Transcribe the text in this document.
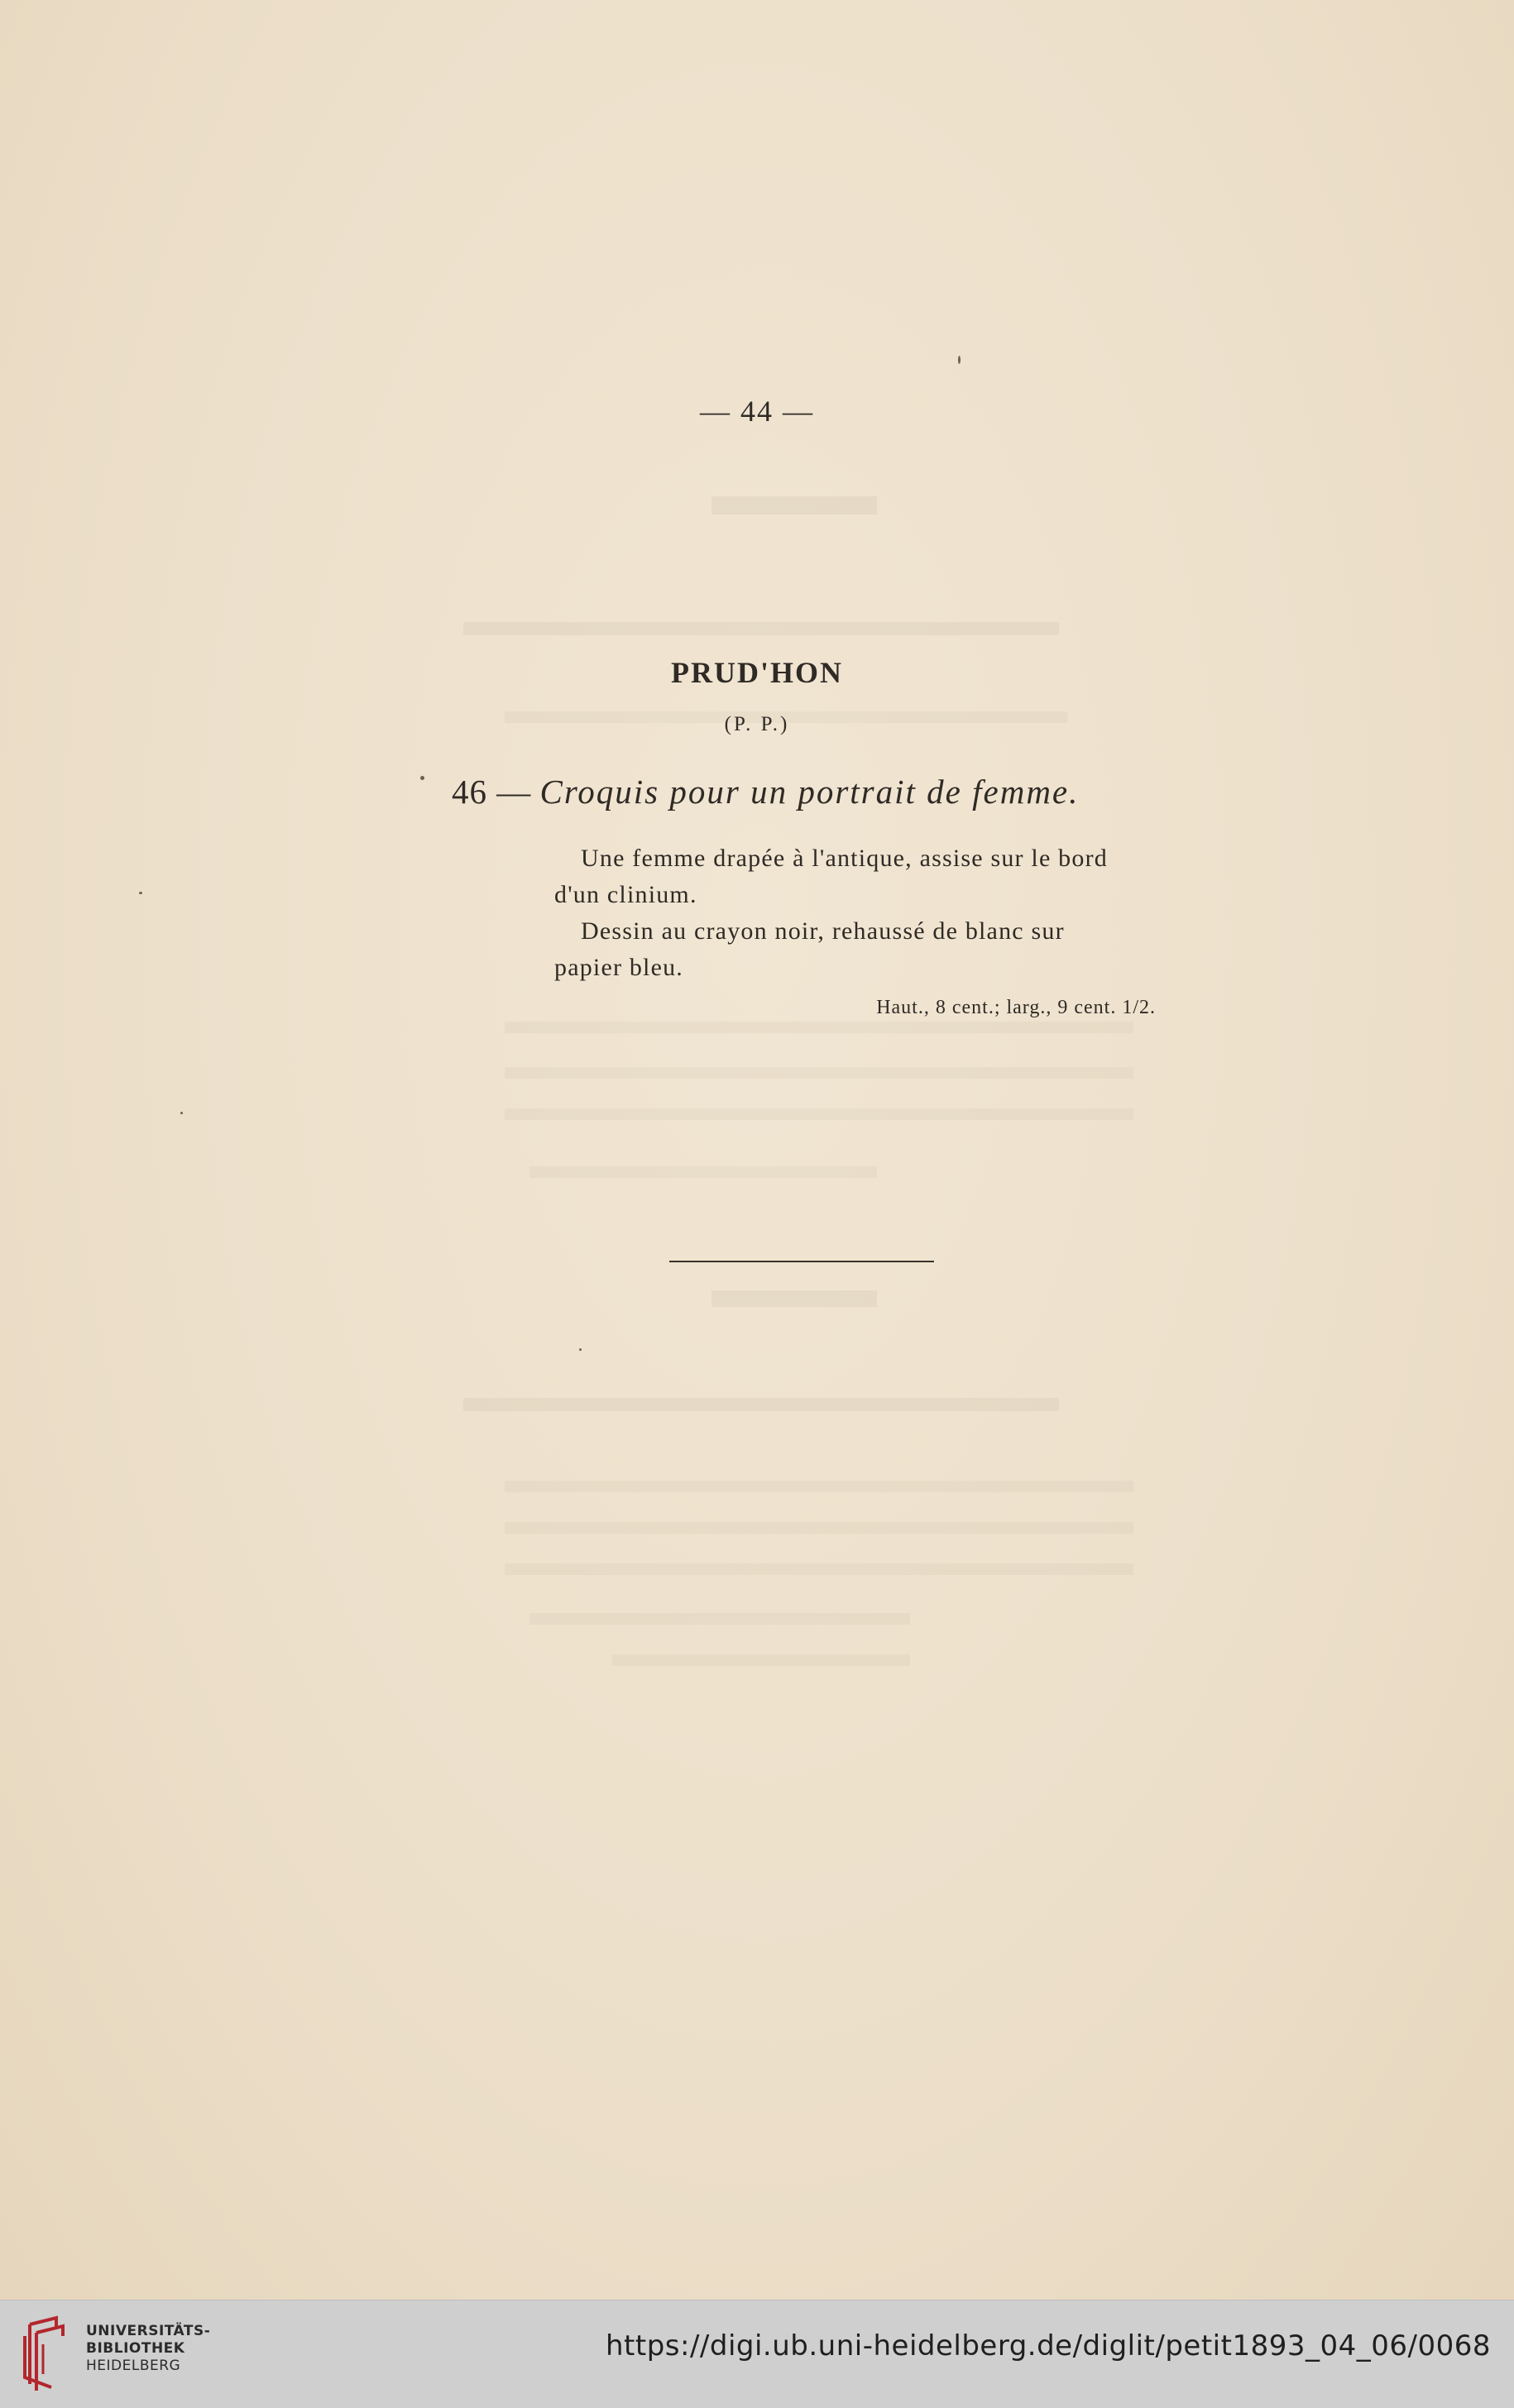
— 44 —
PRUD'HON
(P. P.)
46 — Croquis pour un portrait de femme.
Une femme drapée à l'antique, assise sur le bord
d'un clinium.
Dessin au crayon noir, rehaussé de blanc sur
papier bleu.
Haut., 8 cent.; larg., 9 cent. 1/2.
UNIVERSITÄTS-
BIBLIOTHEK
HEIDELBERG
https://digi.ub.uni-heidelberg.de/diglit/petit1893_04_06/0068
